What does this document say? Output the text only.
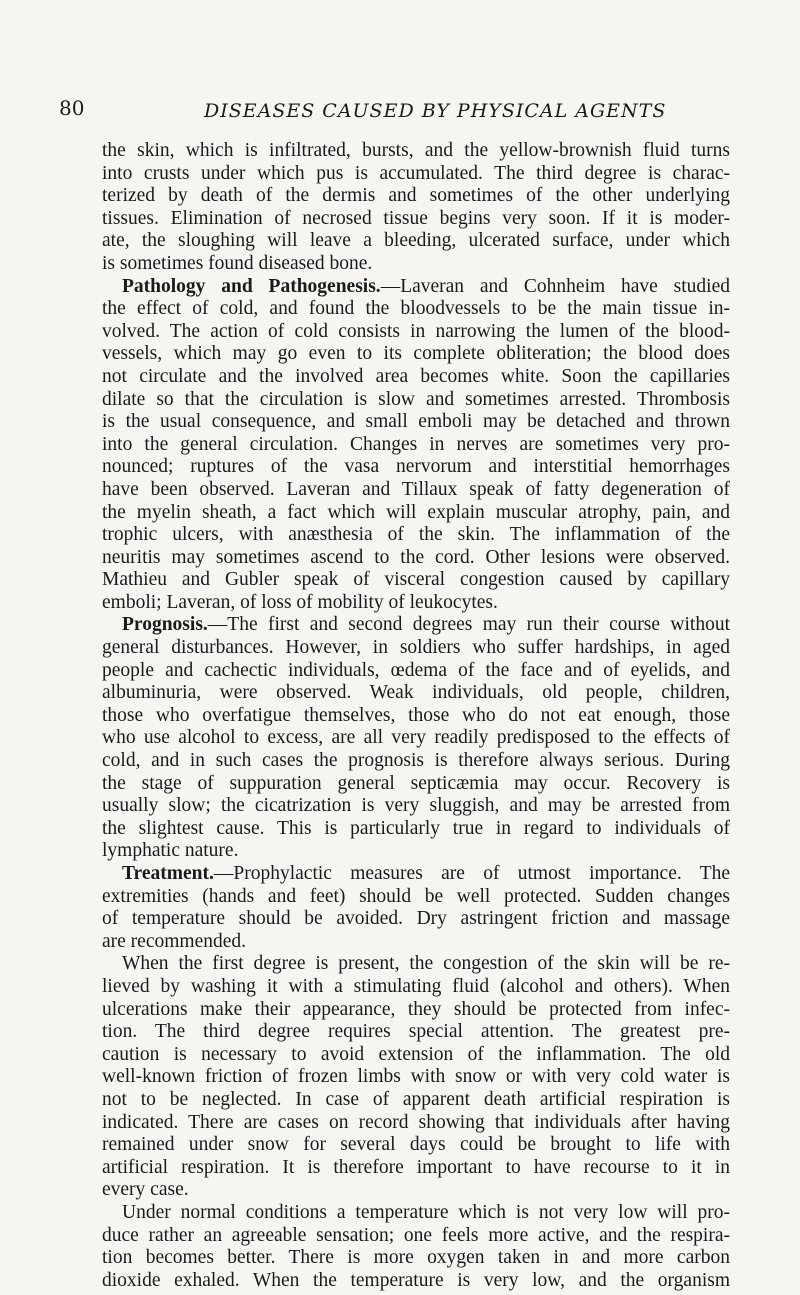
80	DISEASES CAUSED BY PHYSICAL AGENTS
the skin, which is infiltrated, bursts, and the yellow-brownish fluid turns
into crusts under which pus is accumulated. The third degree is charac-
terized by death of the dermis and sometimes of the other underlying
tissues. Elimination of necrosed tissue begins very soon. If it is moder-
ate, the sloughing will leave a bleeding, ulcerated surface, under which
is sometimes found diseased bone.
Pathology and Pathogenesis.—Laveran and Cohnheim have studied
the effect of cold, and found the bloodvessels to be the main tissue in-
volved. The action of cold consists in narrowing the lumen of the blood-
vessels, which may go even to its complete obliteration; the blood does
not circulate and the involved area becomes white. Soon the capillaries
dilate so that the circulation is slow and sometimes arrested. Thrombosis
is the usual consequence, and small emboli may be detached and thrown
into the general circulation. Changes in nerves are sometimes very pro-
nounced; ruptures of the vasa nervorum and interstitial hemorrhages
have been observed. Laveran and Tillaux speak of fatty degeneration of
the myelin sheath, a fact which will explain muscular atrophy, pain, and
trophic ulcers, with anæsthesia of the skin. The inflammation of the
neuritis may sometimes ascend to the cord. Other lesions were observed.
Mathieu and Gubler speak of visceral congestion caused by capillary
emboli; Laveran, of loss of mobility of leukocytes.
Prognosis.—The first and second degrees may run their course without
general disturbances. However, in soldiers who suffer hardships, in aged
people and cachectic individuals, œdema of the face and of eyelids, and
albuminuria, were observed. Weak individuals, old people, children,
those who overfatigue themselves, those who do not eat enough, those
who use alcohol to excess, are all very readily predisposed to the effects of
cold, and in such cases the prognosis is therefore always serious. During
the stage of suppuration general septicæmia may occur. Recovery is
usually slow; the cicatrization is very sluggish, and may be arrested from
the slightest cause. This is particularly true in regard to individuals of
lymphatic nature.
Treatment.—Prophylactic measures are of utmost importance. The
extremities (hands and feet) should be well protected. Sudden changes
of temperature should be avoided. Dry astringent friction and massage
are recommended.
When the first degree is present, the congestion of the skin will be re-
lieved by washing it with a stimulating fluid (alcohol and others). When
ulcerations make their appearance, they should be protected from infec-
tion. The third degree requires special attention. The greatest pre-
caution is necessary to avoid extension of the inflammation. The old
well-known friction of frozen limbs with snow or with very cold water is
not to be neglected. In case of apparent death artificial respiration is
indicated. There are cases on record showing that individuals after having
remained under snow for several days could be brought to life with
artificial respiration. It is therefore important to have recourse to it in
every case.
Under normal conditions a temperature which is not very low will pro-
duce rather an agreeable sensation; one feels more active, and the respira-
tion becomes better. There is more oxygen taken in and more carbon
dioxide exhaled. When the temperature is very low, and the organism
